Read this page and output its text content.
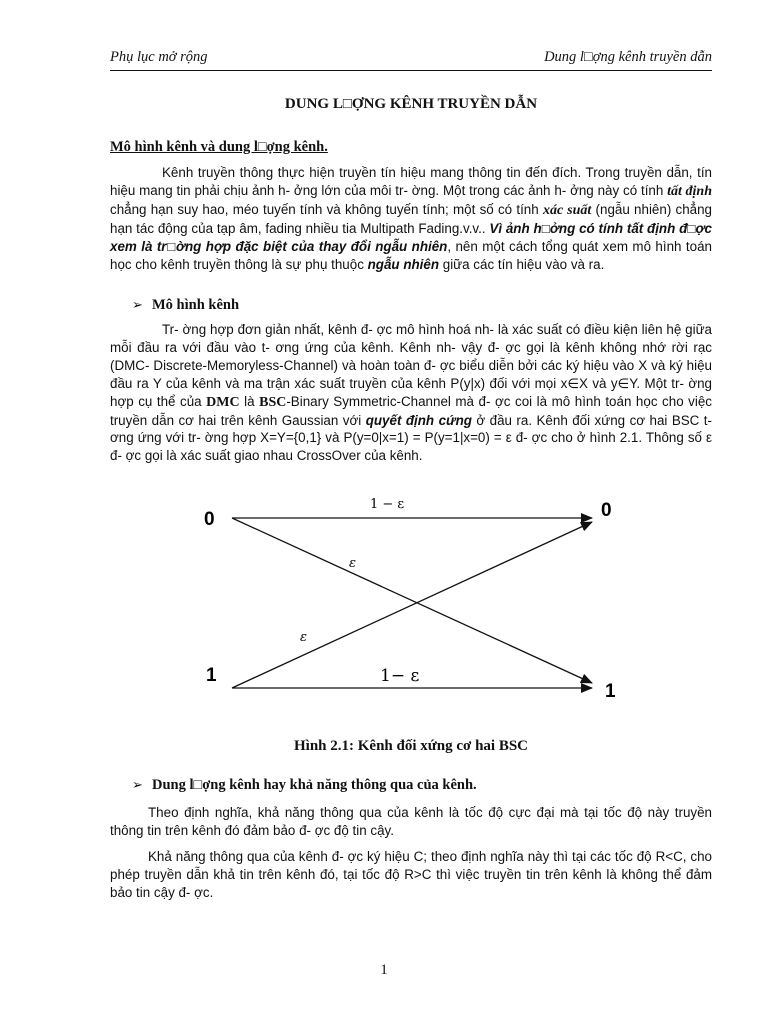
Phụ lục mở rộng	Dung l□ợng kênh truyền dẫn
DUNG L□ỢNG KÊNH TRUYỀN DẪN
Mô hình kênh và dung l□ợng kênh.

Kênh truyền thông thực hiện truyền tín hiệu mang thông tin đến đích. Trong truyền dẫn, tín hiệu mang tin phải chịu ảnh h- ởng lớn của môi tr- ờng. Một trong các ảnh h- ởng này có tính tất định chẳng hạn suy hao, méo tuyến tính và không tuyến tính; một số có tính xác suất (ngẫu nhiên) chẳng hạn tác động của tạp âm, fading nhiều tia Multipath Fading.v.v.. Vì ảnh h□ởng có tính tất định đ□ợc xem là tr□ờng hợp đặc biệt của thay đổi ngẫu nhiên, nên một cách tổng quát xem mô hình toán học cho kênh truyền thông là sự phụ thuộc ngẫu nhiên giữa các tín hiệu vào và ra.

➢ Mô hình kênh

Tr- ờng hợp đơn giản nhất, kênh đ- ợc mô hình hoá nh- là xác suất có điều kiện liên hệ giữa mỗi đầu ra với đầu vào t- ơng ứng của kênh. Kênh nh- vậy đ- ợc gọi là kênh không nhớ rời rạc (DMC- Discrete-Memoryless-Channel) và hoàn toàn đ- ợc biểu diễn bởi các ký hiệu vào X và ký hiệu đầu ra Y của kênh và ma trận xác suất truyền của kênh P(y|x) đối với mọi x∈X và y∈Y. Một tr- ờng hợp cụ thể của DMC là BSC-Binary Symmetric-Channel mà đ- ợc coi là mô hình toán học cho việc truyền dẫn cơ hai trên kênh Gaussian với quyết định cứng ở đầu ra. Kênh đối xứng cơ hai BSC t- ơng ứng với tr- ờng hợp X=Y={0,1} và P(y=0|x=1) = P(y=1|x=0) = ε đ- ợc cho ở hình 2.1. Thông số ε đ- ợc gọi là xác suất giao nhau CrossOver của kênh.

0	0
1
1
1 − ε
ε
ε
1− ε
Hình 2.1: Kênh đối xứng cơ hai BSC
➢ Dung l□ợng kênh hay khả năng thông qua của kênh.

Theo định nghĩa, khả năng thông qua của kênh là tốc độ cực đại mà tại tốc độ này truyền thông tin trên kênh đó đảm bảo đ- ợc độ tin cậy.

Khả năng thông qua của kênh đ- ợc ký hiệu C; theo định nghĩa này thì tại các tốc độ R<C, cho phép truyền dẫn khả tin trên kênh đó, tại tốc độ R>C thì việc truyền tin trên kênh là không thể đảm bảo tin cậy đ- ợc.

1
